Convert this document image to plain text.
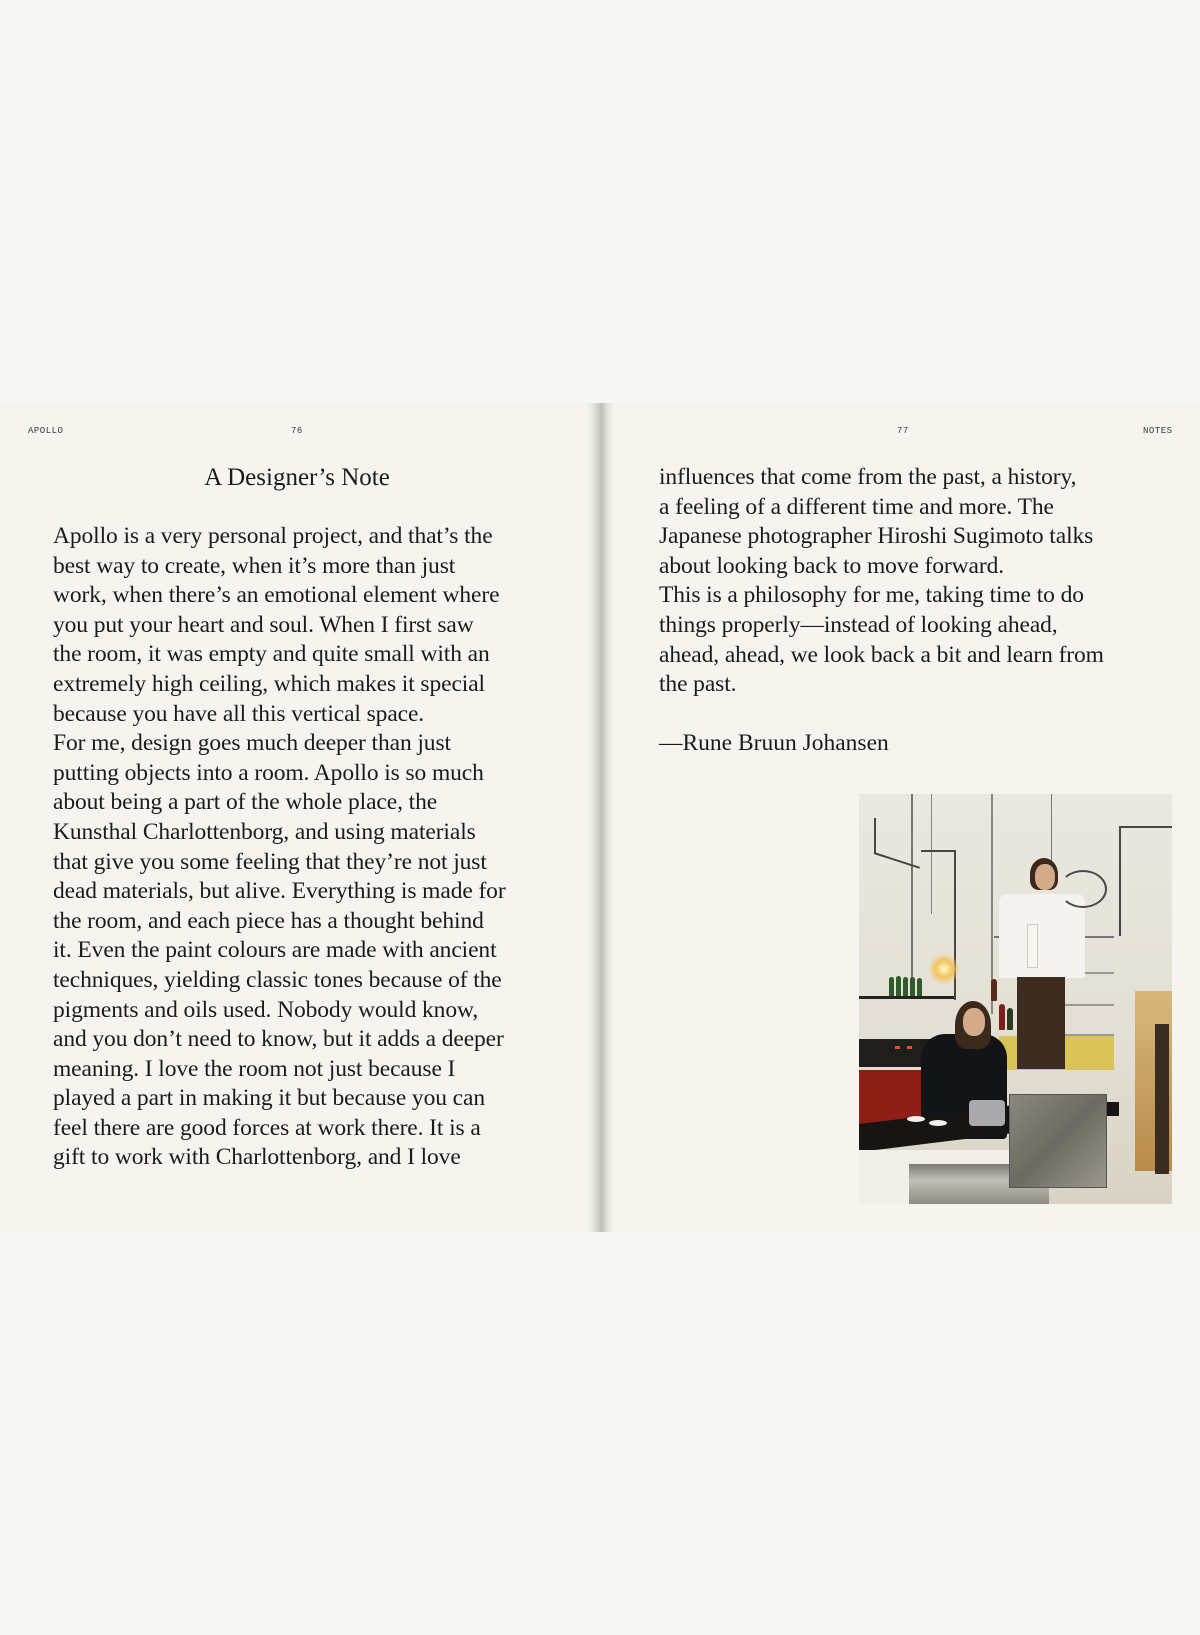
APOLLO	76
A Designer’s Note

Apollo is a very personal project, and that’s the
best way to create, when it’s more than just
work, when there’s an emotional element where
you put your heart and soul. When I first saw
the room, it was empty and quite small with an
extremely high ceiling, which makes it special
because you have all this vertical space.

For me, design goes much deeper than just
putting objects into a room. Apollo is so much
about being a part of the whole place, the
Kunsthal Charlottenborg, and using materials
that give you some feeling that they’re not just
dead materials, but alive. Everything is made for
the room, and each piece has a thought behind
it. Even the paint colours are made with ancient
techniques, yielding classic tones because of the
pigments and oils used. Nobody would know,
and you don’t need to know, but it adds a deeper
meaning. I love the room not just because I
played a part in making it but because you can
feel there are good forces at work there. It is a
gift to work with Charlottenborg, and I love

77	NOTES

influences that come from the past, a history,
a feeling of a different time and more. The
Japanese photographer Hiroshi Sugimoto talks
about looking back to move forward.

This is a philosophy for me, taking time to do
things properly—instead of looking ahead,
ahead, ahead, we look back a bit and learn from
the past.

—Rune Bruun Johansen
